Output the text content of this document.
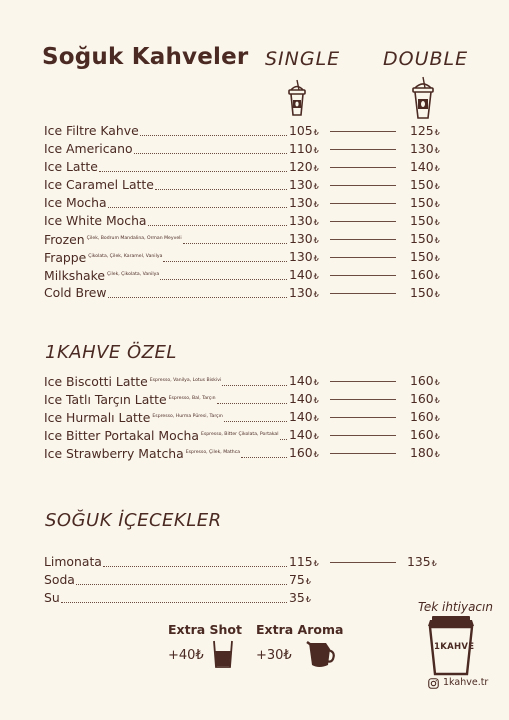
Soğuk Kahveler SINGLE DOUBLE
Ice Filtre Kahve	105₺	125₺
Ice Americano	110₺	130₺
Ice Latte	120₺	140₺
Ice Caramel Latte	130₺	150₺
Ice Mocha	130₺	150₺
Ice White Mocha	130₺	150₺
Frozen $^{Çilek, Bodrum Mandalina, Orman Meyveli}$	130₺	150₺
Frappe $^{Çikolata, Çilek, Karamel, Vanilya}$	130₺	150₺
Milkshake $^{Çilek, Çikolata, Vanilya}$	140₺	160₺
Cold Brew	130₺	150₺
1KAHVE ÖZEL
Ice Biscotti Latte $^{Espresso, Vanilya, Lotus Biskivi}$	140₺	160₺
Ice Tatlı Tarçın Latte $^{Espresso, Bal, Tarçın}$	140₺	160₺
Ice Hurmalı Latte $^{Espresso, Hurma Püresi, Tarçın}$	140₺	160₺
Ice Bitter Portakal Mocha $^{Espresso, Bitter Çikolata, Portakal}$ 140₺	160₺
Ice Strawberry Matcha $^{Espresso, Çilek, Mathca}$	160₺	180₺
SOĞUK İÇECEKLER
Limonata	115₺	135₺
Soda	75₺
Su	35₺
Extra Shot
+40₺
Extra Aroma
+30₺
Tek ihtiyacın
1KAHVE
1kahve.tr
